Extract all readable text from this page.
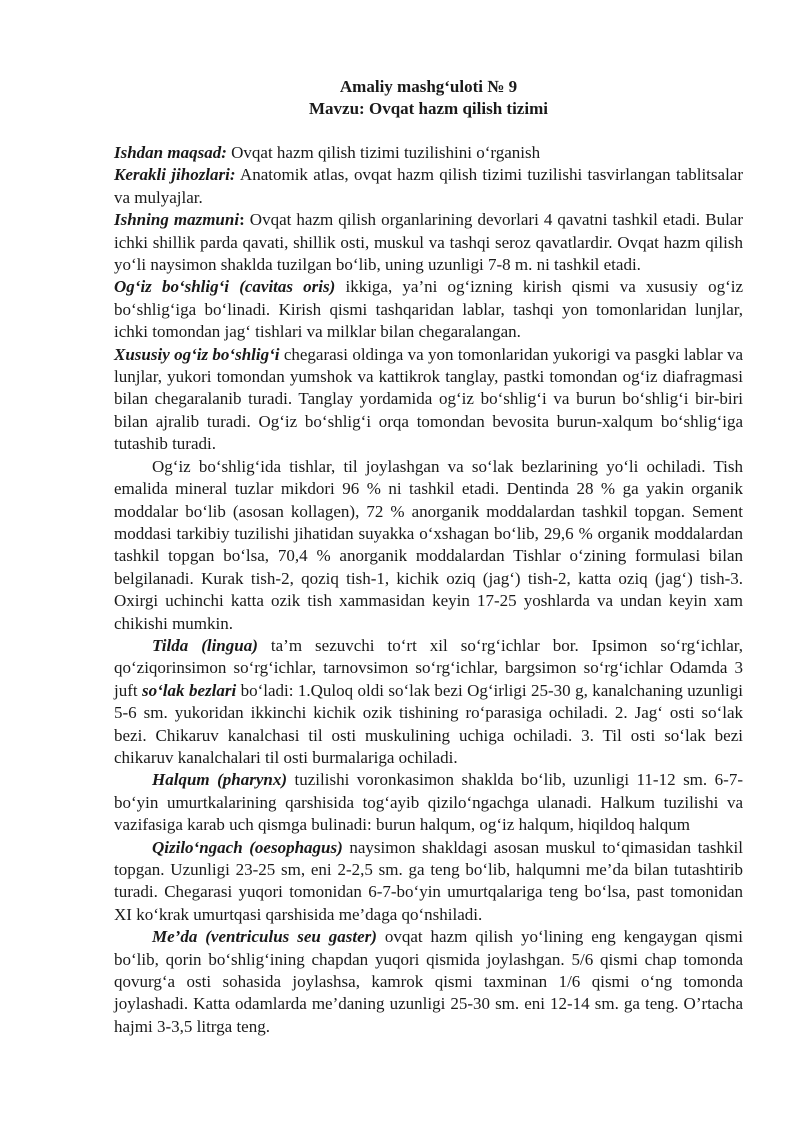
Amaliy mashg‘uloti № 9
Mavzu: Ovqat hazm qilish tizimi

Ishdan maqsad: Ovqat hazm qilish tizimi tuzilishini o‘rganish

Kerakli jihozlari: Anatomik atlas, ovqat hazm qilish tizimi tuzilishi tasvirlangan tablitsalar va mulyajlar.

Ishning mazmuni: Ovqat hazm qilish organlarining devorlari 4 qavatni tashkil etadi. Bular ichki shillik parda qavati, shillik osti, muskul va tashqi seroz qavatlardir. Ovqat hazm qilish yo‘li naysimon shaklda tuzilgan bo‘lib, uning uzunligi 7-8 m. ni tashkil etadi.

Og‘iz bo‘shlig‘i (cavitas oris) ikkiga, ya’ni og‘izning kirish qismi va xususiy og‘iz bo‘shlig‘iga bo‘linadi. Kirish qismi tashqaridan lablar, tashqi yon tomonlaridan lunjlar, ichki tomondan jag‘ tishlari va milklar bilan chegaralangan.

Xususiy og‘iz bo‘shlig‘i chegarasi oldinga va yon tomonlaridan yukorigi va pasgki lablar va lunjlar, yukori tomondan yumshok va kattikrok tanglay, pastki tomondan og‘iz diafragmasi bilan chegaralanib turadi. Tanglay yordamida og‘iz bo‘shlig‘i va burun bo‘shlig‘i bir-biri bilan ajralib turadi. Og‘iz bo‘shlig‘i orqa tomondan bevosita burun-xalqum bo‘shlig‘iga tutashib turadi.

Og‘iz bo‘shlig‘ida tishlar, til joylashgan va so‘lak bezlarining yo‘li ochiladi. Tish emalida mineral tuzlar mikdori 96 % ni tashkil etadi. Dentinda 28 % ga yakin organik moddalar bo‘lib (asosan kollagen), 72 % anorganik moddalardan tashkil topgan. Sement moddasi tarkibiy tuzilishi jihatidan suyakka o‘xshagan bo‘lib, 29,6 % organik moddalardan tashkil topgan bo‘lsa, 70,4 % anorganik moddalardan Tishlar o‘zining formulasi bilan belgilanadi. Kurak tish-2, qoziq tish-1, kichik oziq (jag‘) tish-2, katta oziq (jag‘) tish-3. Oxirgi uchinchi katta ozik tish xammasidan keyin 17-25 yoshlarda va undan keyin xam chikishi mumkin.

Tilda (lingua) ta’m sezuvchi to‘rt xil so‘rg‘ichlar bor. Ipsimon so‘rg‘ichlar, qo‘ziqorinsimon so‘rg‘ichlar, tarnovsimon so‘rg‘ichlar, bargsimon so‘rg‘ichlar Odamda 3 juft so‘lak bezlari bo‘ladi: 1.Quloq oldi so‘lak bezi Og‘irligi 25-30 g, kanalchaning uzunligi 5-6 sm. yukoridan ikkinchi kichik ozik tishining ro‘parasiga ochiladi. 2. Jag‘ osti so‘lak bezi. Chikaruv kanalchasi til osti muskulining uchiga ochiladi. 3. Til osti so‘lak bezi chikaruv kanalchalari til osti burmalariga ochiladi.

Halqum (pharynx) tuzilishi voronkasimon shaklda bo‘lib, uzunligi 11-12 sm. 6-7-bo‘yin umurtkalarining qarshisida tog‘ayib qizilo‘ngachga ulanadi. Halkum tuzilishi va vazifasiga karab uch qismga bulinadi: burun halqum, og‘iz halqum, hiqildoq halqum

Qizilo‘ngach (oesophagus) naysimon shakldagi asosan muskul to‘qimasidan tashkil topgan. Uzunligi 23-25 sm, eni 2-2,5 sm. ga teng bo‘lib, halqumni me’da bilan tutashtirib turadi. Chegarasi yuqori tomonidan 6-7-bo‘yin umurtqalariga teng bo‘lsa, past tomonidan XI ko‘krak umurtqasi qarshisida me’daga qo‘nshiladi.

Me’da (ventriculus seu gaster) ovqat hazm qilish yo‘lining eng kengaygan qismi bo‘lib, qorin bo‘shlig‘ining chapdan yuqori qismida joylashgan. 5/6 qismi chap tomonda qovurg‘a osti sohasida joylashsa, kamrok qismi taxminan 1/6 qismi o‘ng tomonda joylashadi. Katta odamlarda me’daning uzunligi 25-30 sm. eni 12-14 sm. ga teng. O’rtacha hajmi 3-3,5 litrga teng.
